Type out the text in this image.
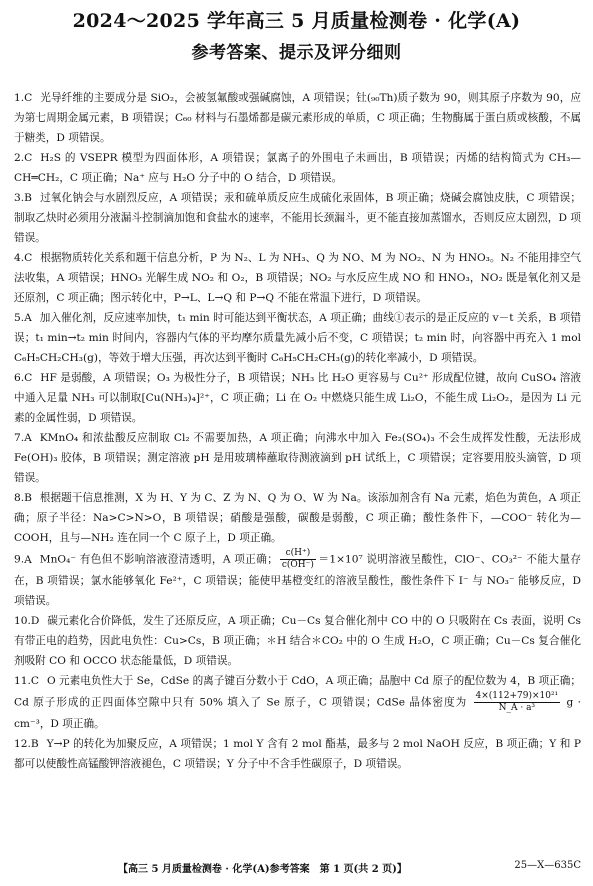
2024～2025 学年高三 5 月质量检测卷 · 化学(A)
参考答案、提示及评分细则

1.C 光导纤维的主要成分是 SiO₂，会被氢氟酸或强碱腐蚀，A 项错误；钍(₉₀Th)质子数为 90，则其原子序数为 90，应为第七周期金属元素，B 项错误；C₆₀ 材料与石墨烯都是碳元素形成的单质，C 项正确；生物酶属于蛋白质或核酸，不属于糖类，D 项错误。

2.C H₂S 的 VSEPR 模型为四面体形，A 项错误；氯离子的外围电子未画出，B 项错误；丙烯的结构简式为 CH₃—CH═CH₂，C 项正确；Na⁺ 应与 H₂O 分子中的 O 结合，D 项错误。

3.B 过氧化钠会与水剧烈反应，A 项错误；汞和硫单质反应生成硫化汞固体，B 项正确；烧碱会腐蚀皮肤，C 项错误；制取乙炔时必须用分液漏斗控制滴加饱和食盐水的速率，不能用长颈漏斗，更不能直接加蒸馏水，否则反应太剧烈，D 项错误。

4.C 根据物质转化关系和题干信息分析，P 为 N₂、L 为 NH₃、Q 为 NO、M 为 NO₂、N 为 HNO₃。N₂ 不能用排空气法收集，A 项错误；HNO₃ 光解生成 NO₂ 和 O₂，B 项错误；NO₂ 与水反应生成 NO 和 HNO₃，NO₂ 既是氧化剂又是还原剂，C 项正确；图示转化中，P→L、L→Q 和 P→Q 不能在常温下进行，D 项错误。

5.A 加入催化剂，反应速率加快，t₁ min 时可能达到平衡状态，A 项正确；曲线①表示的是正反应的 v－t 关系，B 项错误；t₁ min→t₂ min 时间内，容器内气体的平均摩尔质量先减小后不变，C 项错误；t₂ min 时，向容器中再充入 1 mol C₆H₅CH₂CH₃(g)，等效于增大压强，再次达到平衡时 C₆H₅CH₂CH₃(g)的转化率减小，D 项错误。

6.C HF 是弱酸，A 项错误；O₃ 为极性分子，B 项错误；NH₃ 比 H₂O 更容易与 Cu²⁺ 形成配位键，故向 CuSO₄ 溶液中通入足量 NH₃ 可以制取[Cu(NH₃)₄]²⁺，C 项正确；Li 在 O₂ 中燃烧只能生成 Li₂O，不能生成 Li₂O₂，是因为 Li 元素的金属性弱，D 项错误。

7.A KMnO₄ 和浓盐酸反应制取 Cl₂ 不需要加热，A 项正确；向沸水中加入 Fe₂(SO₄)₃ 不会生成挥发性酸，无法形成 Fe(OH)₃ 胶体，B 项错误；测定溶液 pH 是用玻璃棒蘸取待测液滴到 pH 试纸上，C 项错误；定容要用胶头滴管，D 项错误。

8.B 根据题干信息推测，X 为 H、Y 为 C、Z 为 N、Q 为 O、W 为 Na。该添加剂含有 Na 元素，焰色为黄色，A 项正确；原子半径：Na>C>N>O，B 项错误；硝酸是强酸，碳酸是弱酸，C 项正确；酸性条件下，—COO⁻ 转化为—COOH，且与—NH₂ 连在同一个 C 原子上，D 项正确。

9.A MnO₄⁻ 有色但不影响溶液澄清透明，A 项正确； $\frac{c(H^+)}{c(OH^-)} =1\times 10^7$ 说明溶液呈酸性，ClO⁻、CO₃²⁻ 不能大量存在，B 项错误；氯水能够氧化 Fe²⁺，C 项错误；能使甲基橙变红的溶液呈酸性，酸性条件下 I⁻ 与 NO₃⁻ 能够反应，D 项错误。

10.D 碳元素化合价降低，发生了还原反应，A 项正确；Cu－Cs 复合催化剂中 CO 中的 O 只吸附在 Cs 表面，说明 Cs 有带正电的趋势，因此电负性：Cu>Cs，B 项正确；＊H 结合＊CO₂ 中的 O 生成 H₂O，C 项正确；Cu－Cs 复合催化剂吸附 CO 和 OCCO 状态能量低，D 项错误。

11.C O 元素电负性大于 Se，CdSe 的离子键百分数小于 CdO，A 项正确；晶胞中 Cd 原子的配位数为 4，B 项正确；Cd 原子形成的正四面体空隙中只有 50% 填入了 Se 原子，C 项错误；CdSe 晶体密度为 $\frac{\text{4×(112+79)×10²¹}}{\text{N\_A · a³}}$ g · cm⁻³，D 项正确。

12.B Y→P 的转化为加聚反应，A 项错误；1 mol Y 含有 2 mol 酯基，最多与 2 mol NaOH 反应，B 项正确；Y 和 P 都可以使酸性高锰酸钾溶液褪色，C 项错误；Y 分子中不含手性碳原子，D 项错误。

【高三 5 月质量检测卷 · 化学(A)参考答案　第 1 页(共 2 页)】	25—X—635C
